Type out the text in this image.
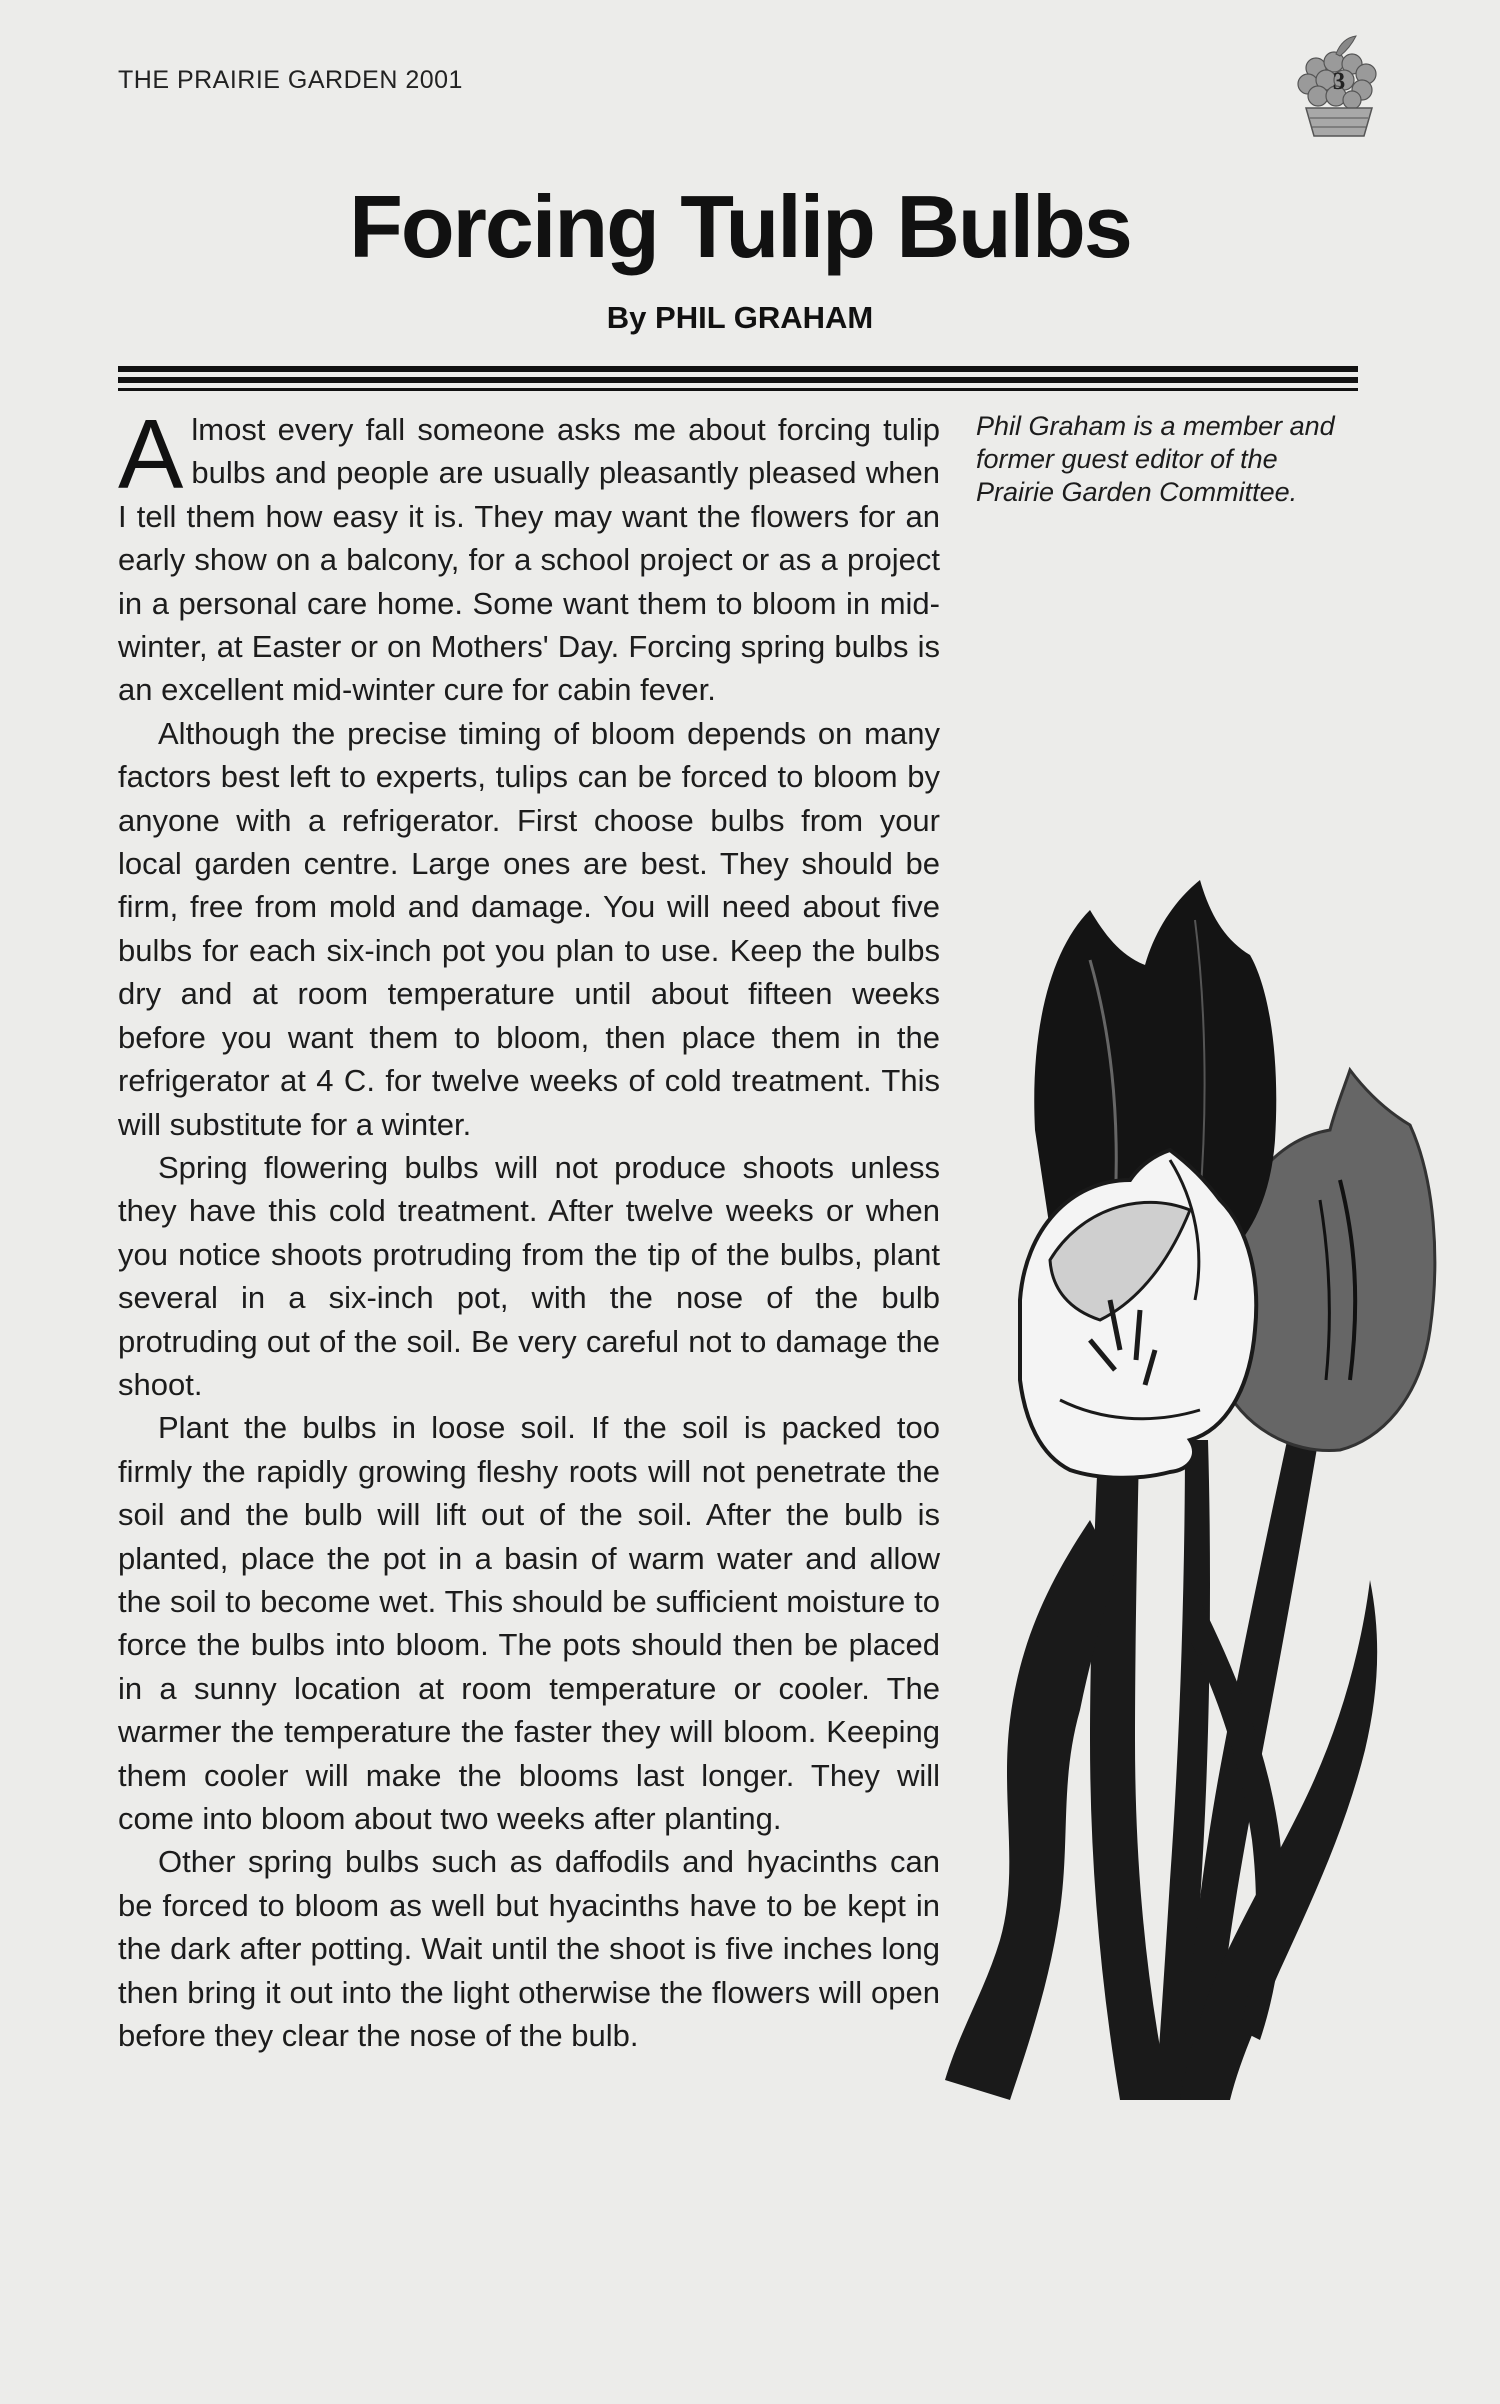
THE PRAIRIE GARDEN 2001	3
Forcing Tulip Bulbs
By PHIL GRAHAM

Almost every fall someone asks me about forcing tulip bulbs and people are usually pleasantly pleased when I tell them how easy it is. They may want the flowers for an early show on a balcony, for a school project or as a project in a personal care home. Some want them to bloom in mid-winter, at Easter or on Mothers' Day. Forcing spring bulbs is an excellent mid-winter cure for cabin fever.

Although the precise timing of bloom depends on many factors best left to experts, tulips can be forced to bloom by anyone with a refrigerator. First choose bulbs from your local garden centre. Large ones are best. They should be firm, free from mold and damage. You will need about five bulbs for each six-inch pot you plan to use. Keep the bulbs dry and at room temperature until about fifteen weeks before you want them to bloom, then place them in the refrigerator at 4 C. for twelve weeks of cold treatment. This will substitute for a winter.

Spring flowering bulbs will not produce shoots unless they have this cold treatment. After twelve weeks or when you notice shoots protruding from the tip of the bulbs, plant several in a six-inch pot, with the nose of the bulb protruding out of the soil. Be very careful not to damage the shoot.

Plant the bulbs in loose soil. If the soil is packed too firmly the rapidly growing fleshy roots will not penetrate the soil and the bulb will lift out of the soil. After the bulb is planted, place the pot in a basin of warm water and allow the soil to become wet. This should be sufficient moisture to force the bulbs into bloom. The pots should then be placed in a sunny location at room temperature or cooler. The warmer the temperature the faster they will bloom. Keeping them cooler will make the blooms last longer. They will come into bloom about two weeks after planting.

Other spring bulbs such as daffodils and hyacinths can be forced to bloom as well but hyacinths have to be kept in the dark after potting. Wait until the shoot is five inches long then bring it out into the light otherwise the flowers will open before they clear the nose of the bulb.

Phil Graham is a member and former guest editor of the Prairie Garden Committee.
